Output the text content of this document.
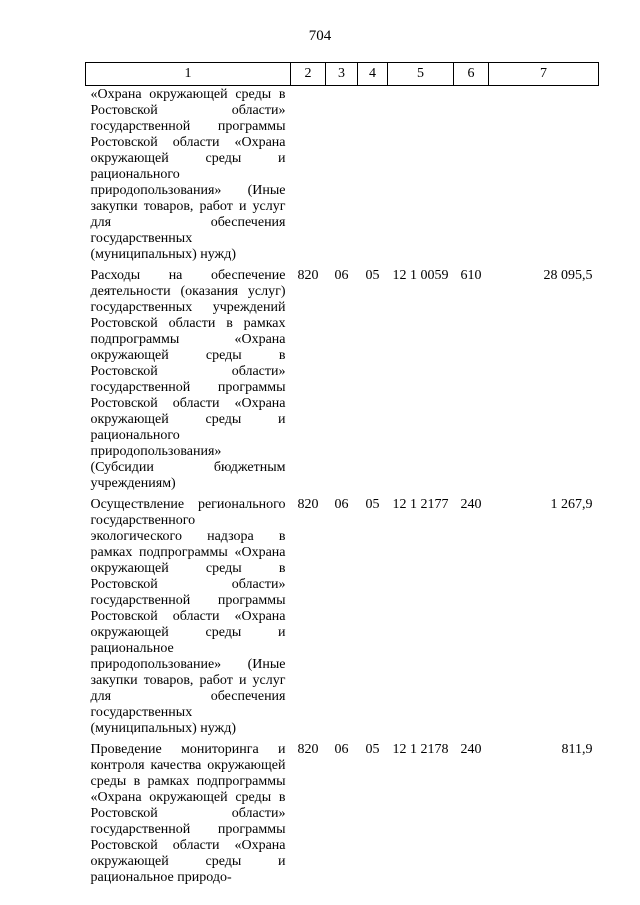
704
1	2	3	4	5	6	7
«Охрана окружающей среды в Ростовской области» государственной программы Ростовской области «Охрана окружающей среды и рационального природопользования» (Иные закупки товаров, работ и услуг для обеспечения государственных (муниципальных) нужд)						
Расходы на обеспечение деятельности (оказания услуг) государственных учреждений Ростовской области в рамках подпрограммы «Охрана окружающей среды в Ростовской области» государственной программы Ростовской области «Охрана окружающей среды и рационального природопользования» (Субсидии бюджетным учреждениям)	820	06	05	12 1 0059	610	28 095,5
Осуществление регионального государственного экологического надзора в рамках подпрограммы «Охрана окружающей среды в Ростовской области» государственной программы Ростовской области «Охрана окружающей среды и рациональное природопользование» (Иные закупки товаров, работ и услуг для обеспечения государственных (муниципальных) нужд)	820	06	05	12 1 2177	240	1 267,9
Проведение мониторинга и контроля качества окружающей среды в рамках подпрограммы «Охрана окружающей среды в Ростовской области» государственной программы Ростовской области «Охрана окружающей среды и рациональное природо-	820	06	05	12 1 2178	240	811,9
